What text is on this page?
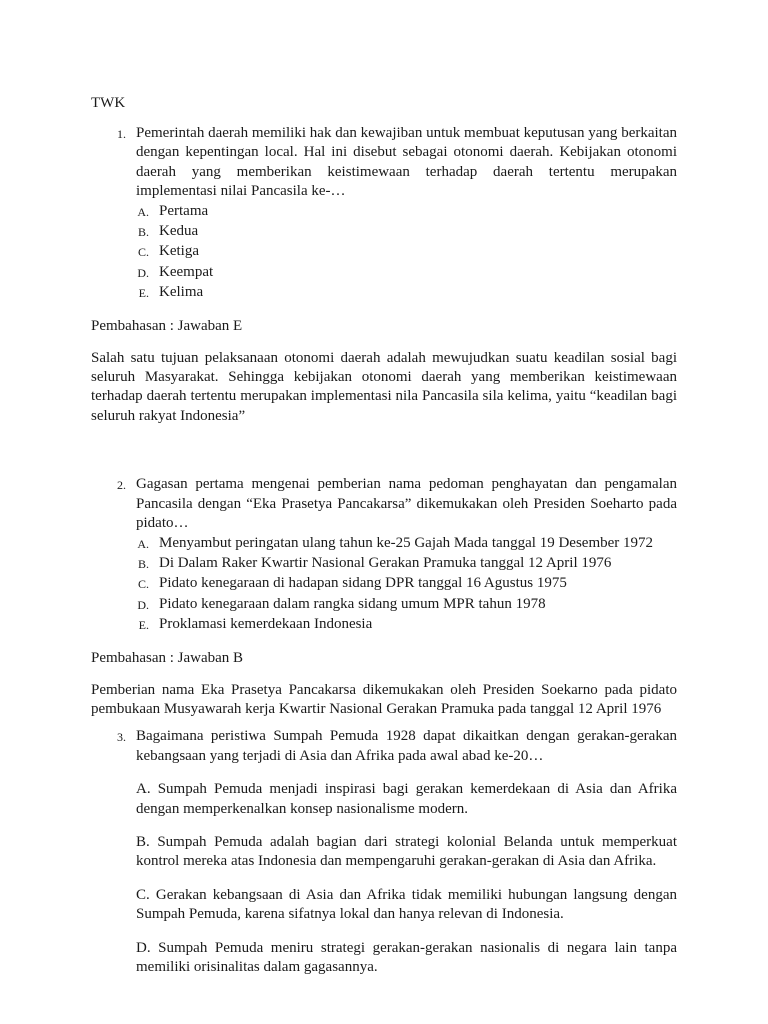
TWK

1. Pemerintah daerah memiliki hak dan kewajiban untuk membuat keputusan yang berkaitan dengan kepentingan local. Hal ini disebut sebagai otonomi daerah. Kebijakan otonomi daerah yang memberikan keistimewaan terhadap daerah tertentu merupakan implementasi nilai Pancasila ke-…
A. Pertama
B. Kedua
C. Ketiga
D. Keempat
E. Kelima

Pembahasan : Jawaban E

Salah satu tujuan pelaksanaan otonomi daerah adalah mewujudkan suatu keadilan sosial bagi seluruh Masyarakat. Sehingga kebijakan otonomi daerah yang memberikan keistimewaan terhadap daerah tertentu merupakan implementasi nila Pancasila sila kelima, yaitu “keadilan bagi seluruh rakyat Indonesia”

2. Gagasan pertama mengenai pemberian nama pedoman penghayatan dan pengamalan Pancasila dengan “Eka Prasetya Pancakarsa” dikemukakan oleh Presiden Soeharto pada pidato…
A. Menyambut peringatan ulang tahun ke-25 Gajah Mada tanggal 19 Desember 1972
B. Di Dalam Raker Kwartir Nasional Gerakan Pramuka tanggal 12 April 1976
C. Pidato kenegaraan di hadapan sidang DPR tanggal 16 Agustus 1975
D. Pidato kenegaraan dalam rangka sidang umum MPR tahun 1978
E. Proklamasi kemerdekaan Indonesia

Pembahasan : Jawaban B

Pemberian nama Eka Prasetya Pancakarsa dikemukakan oleh Presiden Soekarno pada pidato pembukaan Musyawarah kerja Kwartir Nasional Gerakan Pramuka pada tanggal 12 April 1976

3. Bagaimana peristiwa Sumpah Pemuda 1928 dapat dikaitkan dengan gerakan-gerakan kebangsaan yang terjadi di Asia dan Afrika pada awal abad ke-20…

A. Sumpah Pemuda menjadi inspirasi bagi gerakan kemerdekaan di Asia dan Afrika dengan memperkenalkan konsep nasionalisme modern.

B. Sumpah Pemuda adalah bagian dari strategi kolonial Belanda untuk memperkuat kontrol mereka atas Indonesia dan mempengaruhi gerakan-gerakan di Asia dan Afrika.

C. Gerakan kebangsaan di Asia dan Afrika tidak memiliki hubungan langsung dengan Sumpah Pemuda, karena sifatnya lokal dan hanya relevan di Indonesia.

D. Sumpah Pemuda meniru strategi gerakan-gerakan nasionalis di negara lain tanpa memiliki orisinalitas dalam gagasannya.
